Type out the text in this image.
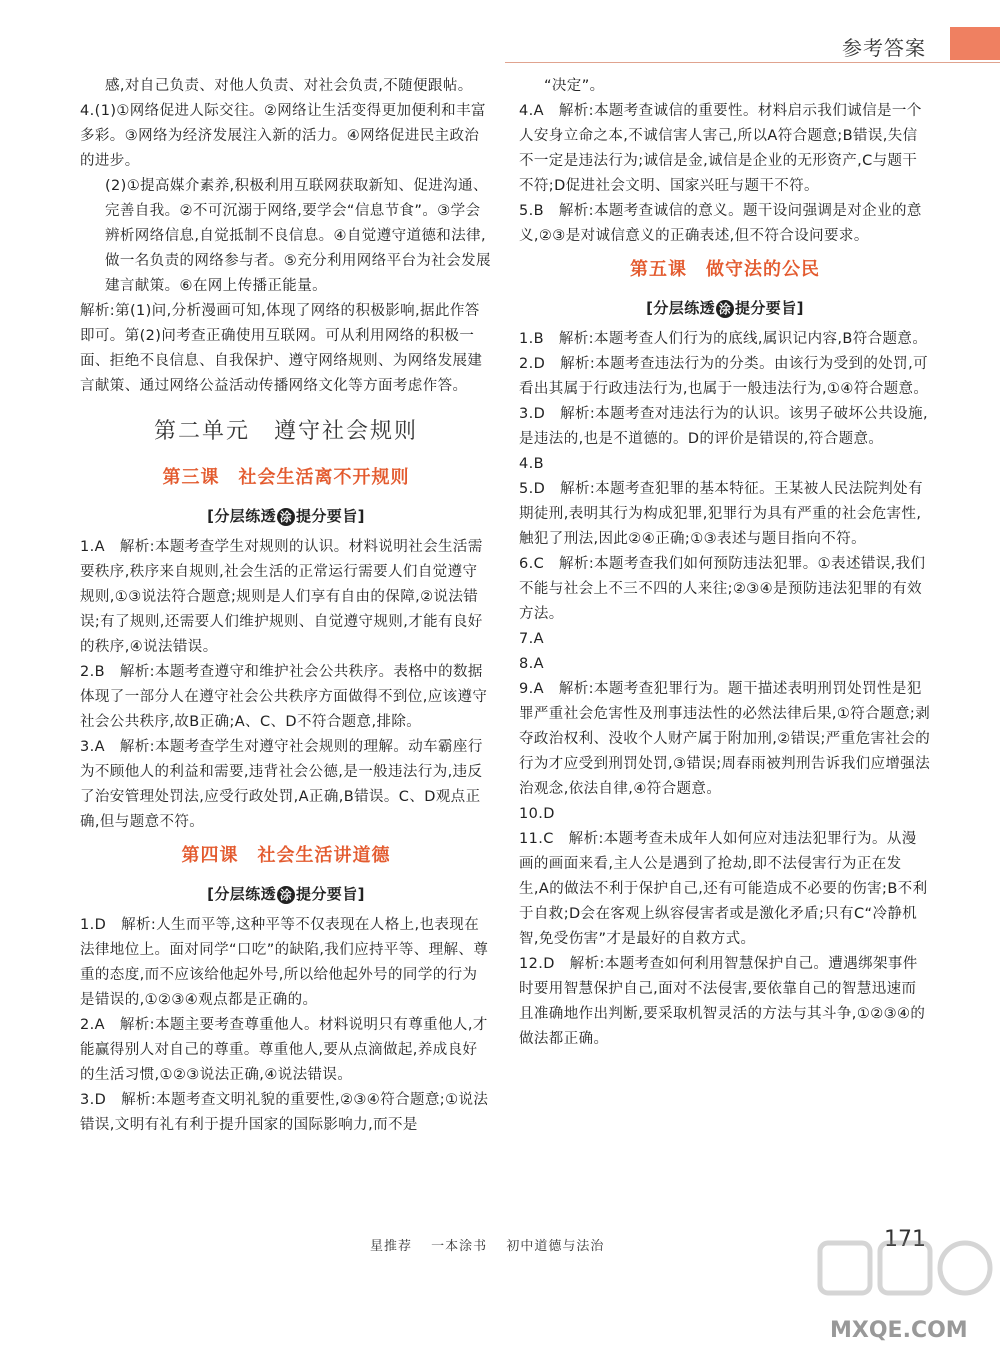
参考答案

感,对自己负责、对他人负责、对社会负责,不随便跟帖。

4.(1)①网络促进人际交往。②网络让生活变得更加便利和丰富多彩。③网络为经济发展注入新的活力。④网络促进民主政治的进步。

(2)①提高媒介素养,积极利用互联网获取新知、促进沟通、完善自我。②不可沉溺于网络,要学会“信息节食”。③学会辨析网络信息,自觉抵制不良信息。④自觉遵守道德和法律,做一名负责的网络参与者。⑤充分利用网络平台为社会发展建言献策。⑥在网上传播正能量。

解析:第(1)问,分析漫画可知,体现了网络的积极影响,据此作答即可。第(2)问考查正确使用互联网。可从利用网络的积极一面、拒绝不良信息、自我保护、遵守网络规则、为网络发展建言献策、通过网络公益活动传播网络文化等方面考虑作答。

第二单元　遵守社会规则
第三课　社会生活离不开规则
[分层练透 涂 提分要旨]

1.A　解析:本题考查学生对规则的认识。材料说明社会生活需要秩序,秩序来自规则,社会生活的正常运行需要人们自觉遵守规则,①③说法符合题意;规则是人们享有自由的保障,②说法错误;有了规则,还需要人们维护规则、自觉遵守规则,才能有良好的秩序,④说法错误。

2.B　解析:本题考查遵守和维护社会公共秩序。表格中的数据体现了一部分人在遵守社会公共秩序方面做得不到位,应该遵守社会公共秩序,故B正确;A、C、D不符合题意,排除。

3.A　解析:本题考查学生对遵守社会规则的理解。动车霸座行为不顾他人的利益和需要,违背社会公德,是一般违法行为,违反了治安管理处罚法,应受行政处罚,A正确,B错误。C、D观点正确,但与题意不符。

第四课　社会生活讲道德
[分层练透 涂 提分要旨]

1.D　解析:人生而平等,这种平等不仅表现在人格上,也表现在法律地位上。面对同学“口吃”的缺陷,我们应持平等、理解、尊重的态度,而不应该给他起外号,所以给他起外号的同学的行为是错误的,①②③④观点都是正确的。

2.A　解析:本题主要考查尊重他人。材料说明只有尊重他人,才能赢得别人对自己的尊重。尊重他人,要从点滴做起,养成良好的生活习惯,①②③说法正确,④说法错误。

3.D　解析:本题考查文明礼貌的重要性,②③④符合题意;①说法错误,文明有礼有利于提升国家的国际影响力,而不是

“决定”。

4.A　解析:本题考查诚信的重要性。材料启示我们诚信是一个人安身立命之本,不诚信害人害己,所以A符合题意;B错误,失信不一定是违法行为;诚信是金,诚信是企业的无形资产,C与题干不符;D促进社会文明、国家兴旺与题干不符。

5.B　解析:本题考查诚信的意义。题干设问强调是对企业的意义,②③是对诚信意义的正确表述,但不符合设问要求。

第五课　做守法的公民
[分层练透 涂 提分要旨]

1.B　解析:本题考查人们行为的底线,属识记内容,B符合题意。

2.D　解析:本题考查违法行为的分类。由该行为受到的处罚,可看出其属于行政违法行为,也属于一般违法行为,①④符合题意。

3.D　解析:本题考查对违法行为的认识。该男子破坏公共设施,是违法的,也是不道德的。D的评价是错误的,符合题意。

4.B

5.D　解析:本题考查犯罪的基本特征。王某被人民法院判处有期徒刑,表明其行为构成犯罪,犯罪行为具有严重的社会危害性,触犯了刑法,因此②④正确;①③表述与题目指向不符。

6.C　解析:本题考查我们如何预防违法犯罪。①表述错误,我们不能与社会上不三不四的人来往;②③④是预防违法犯罪的有效方法。

7.A

8.A

9.A　解析:本题考查犯罪行为。题干描述表明刑罚处罚性是犯罪严重社会危害性及刑事违法性的必然法律后果,①符合题意;剥夺政治权利、没收个人财产属于附加刑,②错误;严重危害社会的行为才应受到刑罚处罚,③错误;周春雨被判刑告诉我们应增强法治观念,依法自律,④符合题意。

10.D

11.C　解析:本题考查未成年人如何应对违法犯罪行为。从漫画的画面来看,主人公是遇到了抢劫,即不法侵害行为正在发生,A的做法不利于保护自己,还有可能造成不必要的伤害;B不利于自救;D会在客观上纵容侵害者或是激化矛盾;只有C“冷静机智,免受伤害”才是最好的自救方式。

12.D　解析:本题考查如何利用智慧保护自己。遭遇绑架事件时要用智慧保护自己,面对不法侵害,要依靠自己的智慧迅速而且准确地作出判断,要采取机智灵活的方法与其斗争,①②③④的做法都正确。

星推荐 一本涂书 初中道德与法治	171
MXQE.COM
